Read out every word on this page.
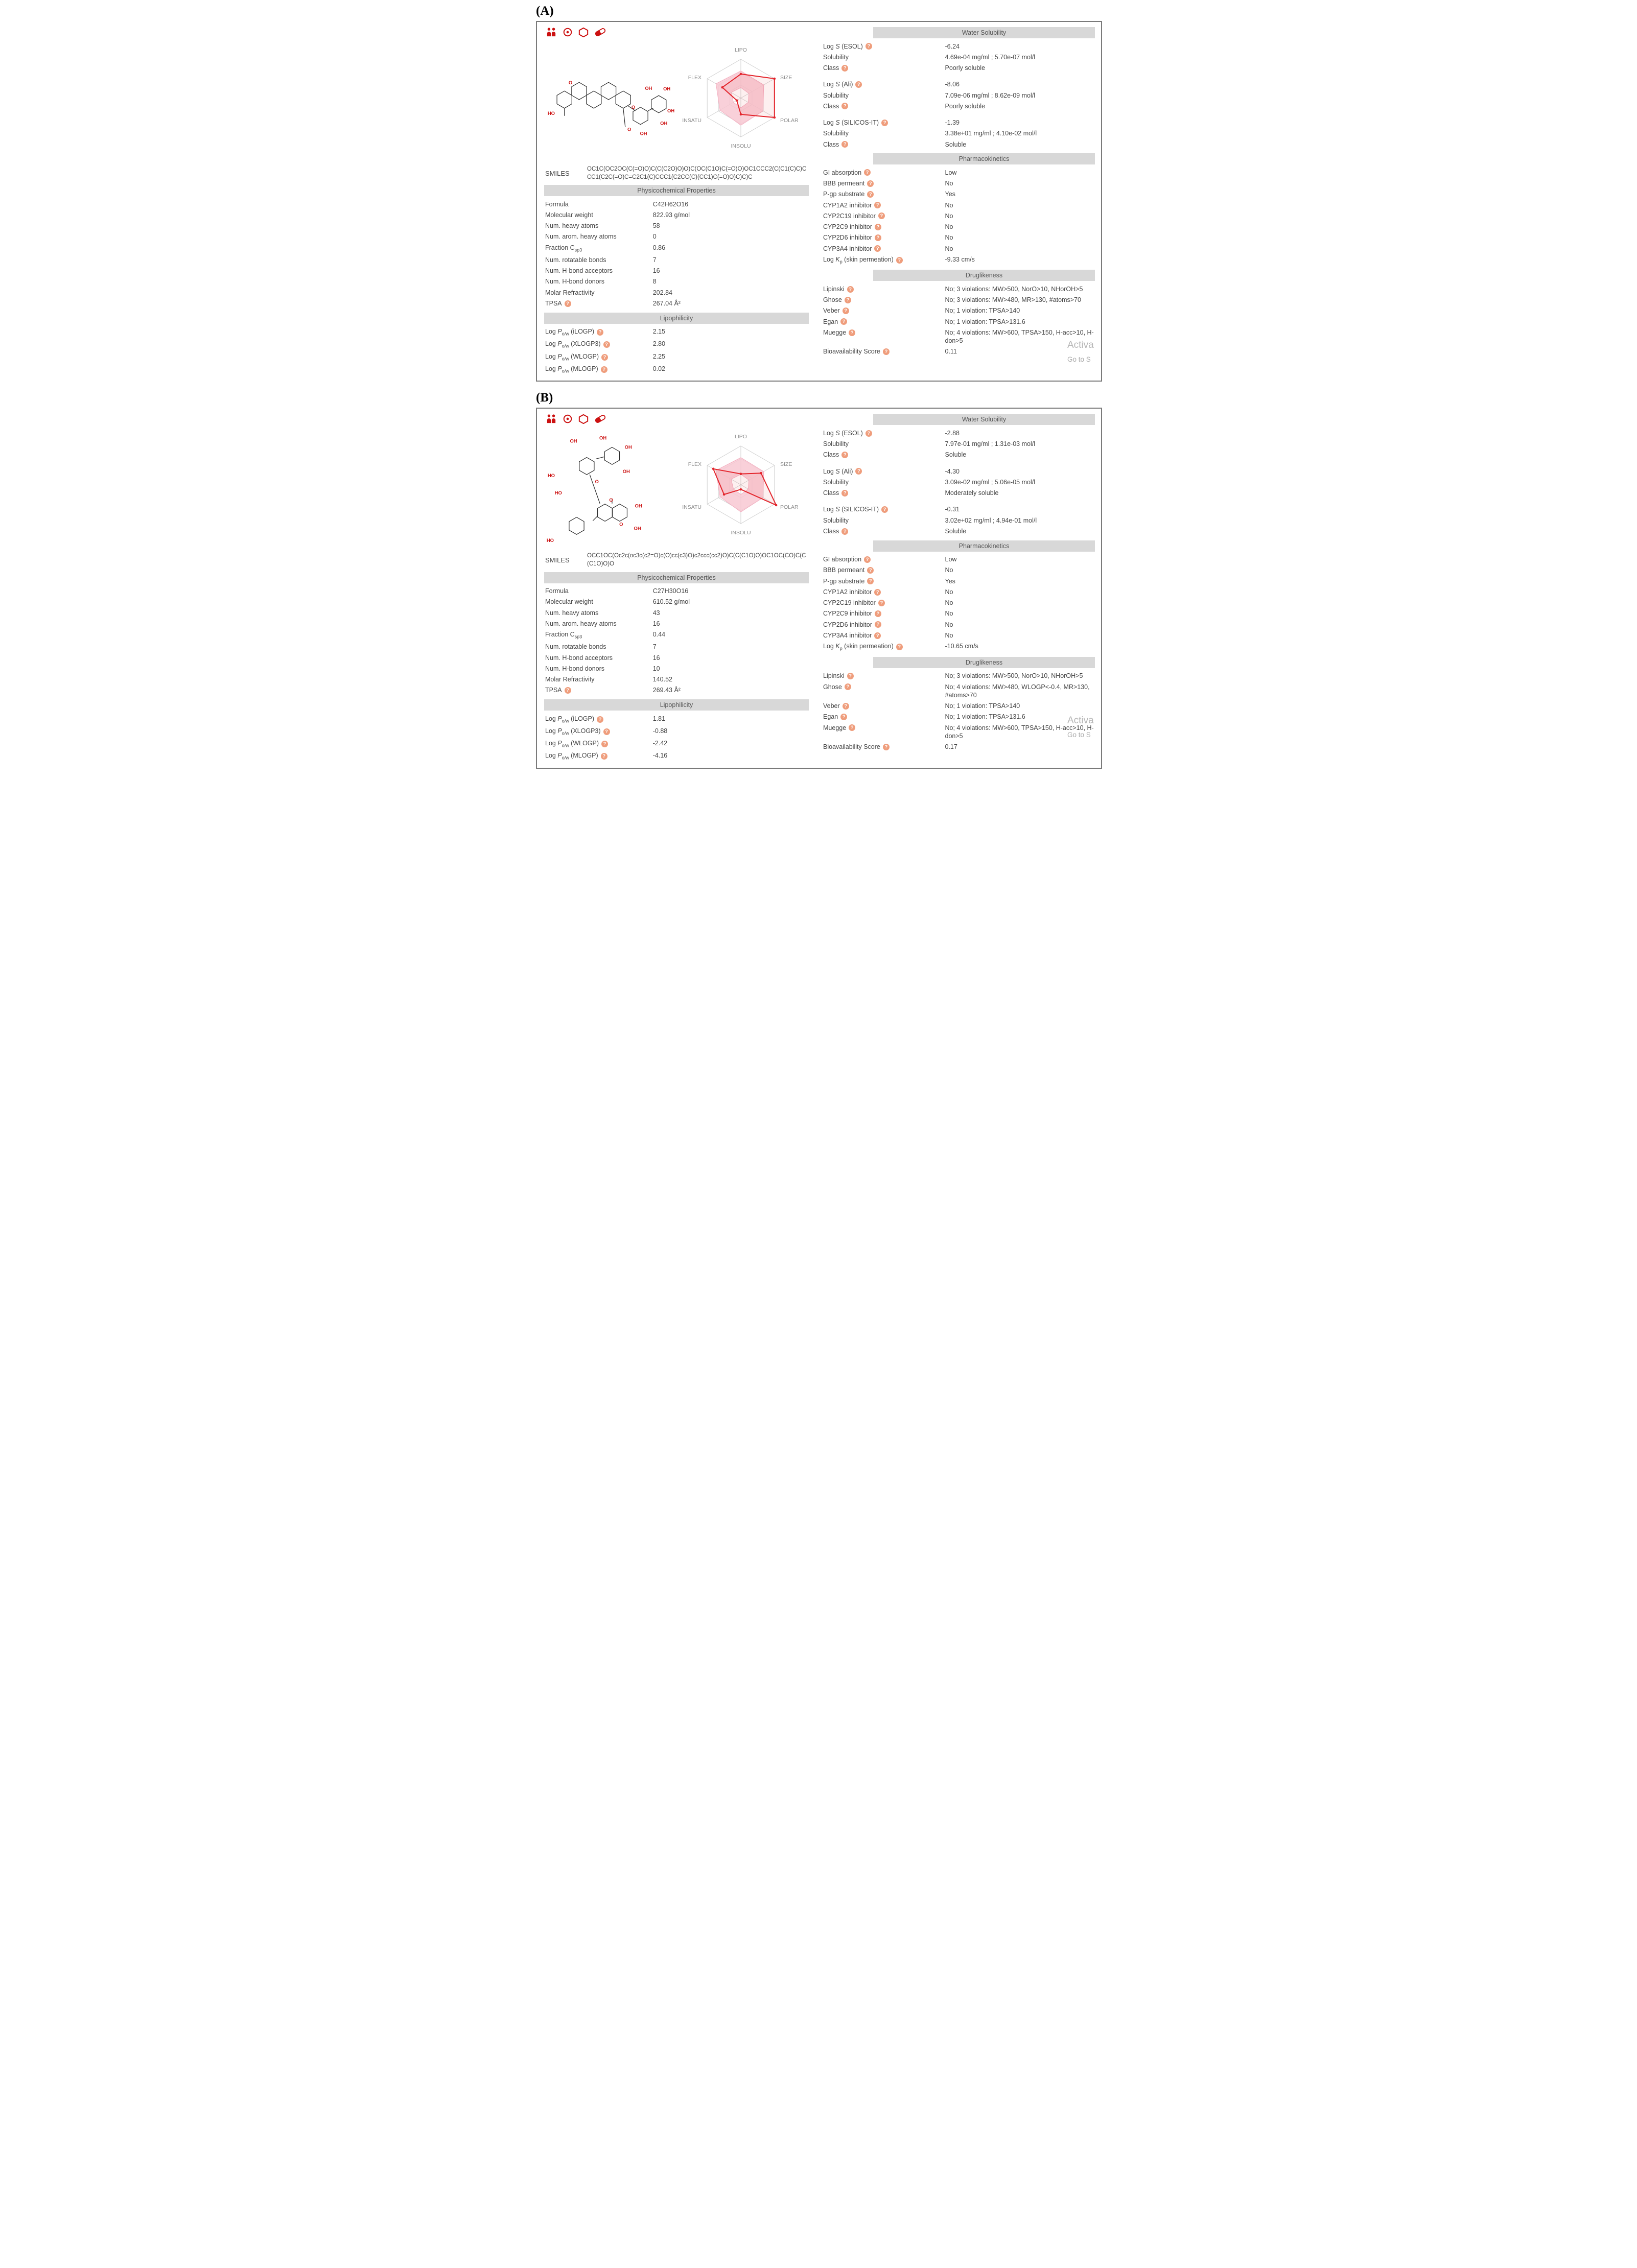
(A)
HO
O
O
OH OH
OH
O
OH
OH
LIPO
SIZE
POLAR
INSOLU
INSATU
FLEX
SMILES
OC1C(OC2OC(C(=O)O)C(C(C2O)O)O)C(OC(C1O)C(=O)O)OC1CCC2(C(C1(C)C)CCC1(C2C(=O)C=C2C1(C)CCC1(C2CC(C)(CC1)C(=O)O)C)C)C
Physicochemical Properties
Formula	C42H62O16
Molecular weight	822.93 g/mol
Num. heavy atoms	58
Num. arom. heavy atoms	0
Fraction $C_{sp3}$	0.86
Num. rotatable bonds	7
Num. H-bond acceptors	16
Num. H-bond donors	8
Molar Refractivity	202.84
TPSA ?	267.04 Å²
Lipophilicity
Log $P_{o/w}$ (iLOGP) ?	2.15
Log $P_{o/w}$ (XLOGP3) ?	2.80
Log $P_{o/w}$ (WLOGP) ?	2.25
Log $P_{o/w}$ (MLOGP) ?	0.02
Water Solubility
Log S (ESOL) ?	-6.24
Solubility	4.69e-04 mg/ml ; 5.70e-07 mol/l
Class ?	Poorly soluble
Log S (Ali) ?	-8.06
Solubility	7.09e-06 mg/ml ; 8.62e-09 mol/l
Class ?	Poorly soluble
Log S (SILICOS-IT) ?	-1.39
Solubility	3.38e+01 mg/ml ; 4.10e-02 mol/l
Class ?	Soluble
Pharmacokinetics
GI absorption ?	Low
BBB permeant ?	No
P-gp substrate ?	Yes
CYP1A2 inhibitor ?	No
CYP2C19 inhibitor ?	No
CYP2C9 inhibitor ?	No
CYP2D6 inhibitor ?	No
CYP3A4 inhibitor ?	No
Log $K_p$ (skin permeation) ?	-9.33 cm/s
Druglikeness
Lipinski ?	No; 3 violations: MW>500, NorO>10, NHorOH>5
Ghose ?	No; 3 violations: MW>480, MR>130, #atoms>70
Veber ?	No; 1 violation: TPSA>140
Egan ?	No; 1 violation: TPSA>131.6
Muegge ?	No; 4 violations: MW>600, TPSA>150, H-acc>10, H-don>5
Bioavailability Score ?	0.11
Activa
Go to S
(B)
HO
OH
OH
OH
HO
OH
O
O
OH
OH
HO
O
LIPO
SIZE
POLAR
INSOLU
INSATU
FLEX
SMILES
OCC1OC(Oc2c(oc3c(c2=O)c(O)cc(c3)O)c2ccc(cc2)O)C(C(C1O)O)OC1OC(CO)C(C(C1O)O)O
Physicochemical Properties
Formula	C27H30O16
Molecular weight	610.52 g/mol
Num. heavy atoms	43
Num. arom. heavy atoms	16
Fraction $C_{sp3}$	0.44
Num. rotatable bonds	7
Num. H-bond acceptors	16
Num. H-bond donors	10
Molar Refractivity	140.52
TPSA ?	269.43 Å²
Lipophilicity
Log $P_{o/w}$ (iLOGP) ?	1.81
Log $P_{o/w}$ (XLOGP3) ?	-0.88
Log $P_{o/w}$ (WLOGP) ?	-2.42
Log $P_{o/w}$ (MLOGP) ?	-4.16
Water Solubility
Log S (ESOL) ?	-2.88
Solubility	7.97e-01 mg/ml ; 1.31e-03 mol/l
Class ?	Soluble
Log S (Ali) ?	-4.30
Solubility	3.09e-02 mg/ml ; 5.06e-05 mol/l
Class ?	Moderately soluble
Log S (SILICOS-IT) ?	-0.31
Solubility	3.02e+02 mg/ml ; 4.94e-01 mol/l
Class ?	Soluble
Pharmacokinetics
GI absorption ?	Low
BBB permeant ?	No
P-gp substrate ?	Yes
CYP1A2 inhibitor ?	No
CYP2C19 inhibitor ?	No
CYP2C9 inhibitor ?	No
CYP2D6 inhibitor ?	No
CYP3A4 inhibitor ?	No
Log $K_p$ (skin permeation) ?	-10.65 cm/s
Druglikeness
Lipinski ?	No; 3 violations: MW>500, NorO>10, NHorOH>5
Ghose ?	No; 4 violations: MW>480, WLOGP<-0.4, MR>130, #atoms>70
Veber ?	No; 1 violation: TPSA>140
Egan ?	No; 1 violation: TPSA>131.6
Muegge ?	No; 4 violations: MW>600, TPSA>150, H-acc>10, H-don>5
Bioavailability Score ?	0.17
Activa
Go to S
